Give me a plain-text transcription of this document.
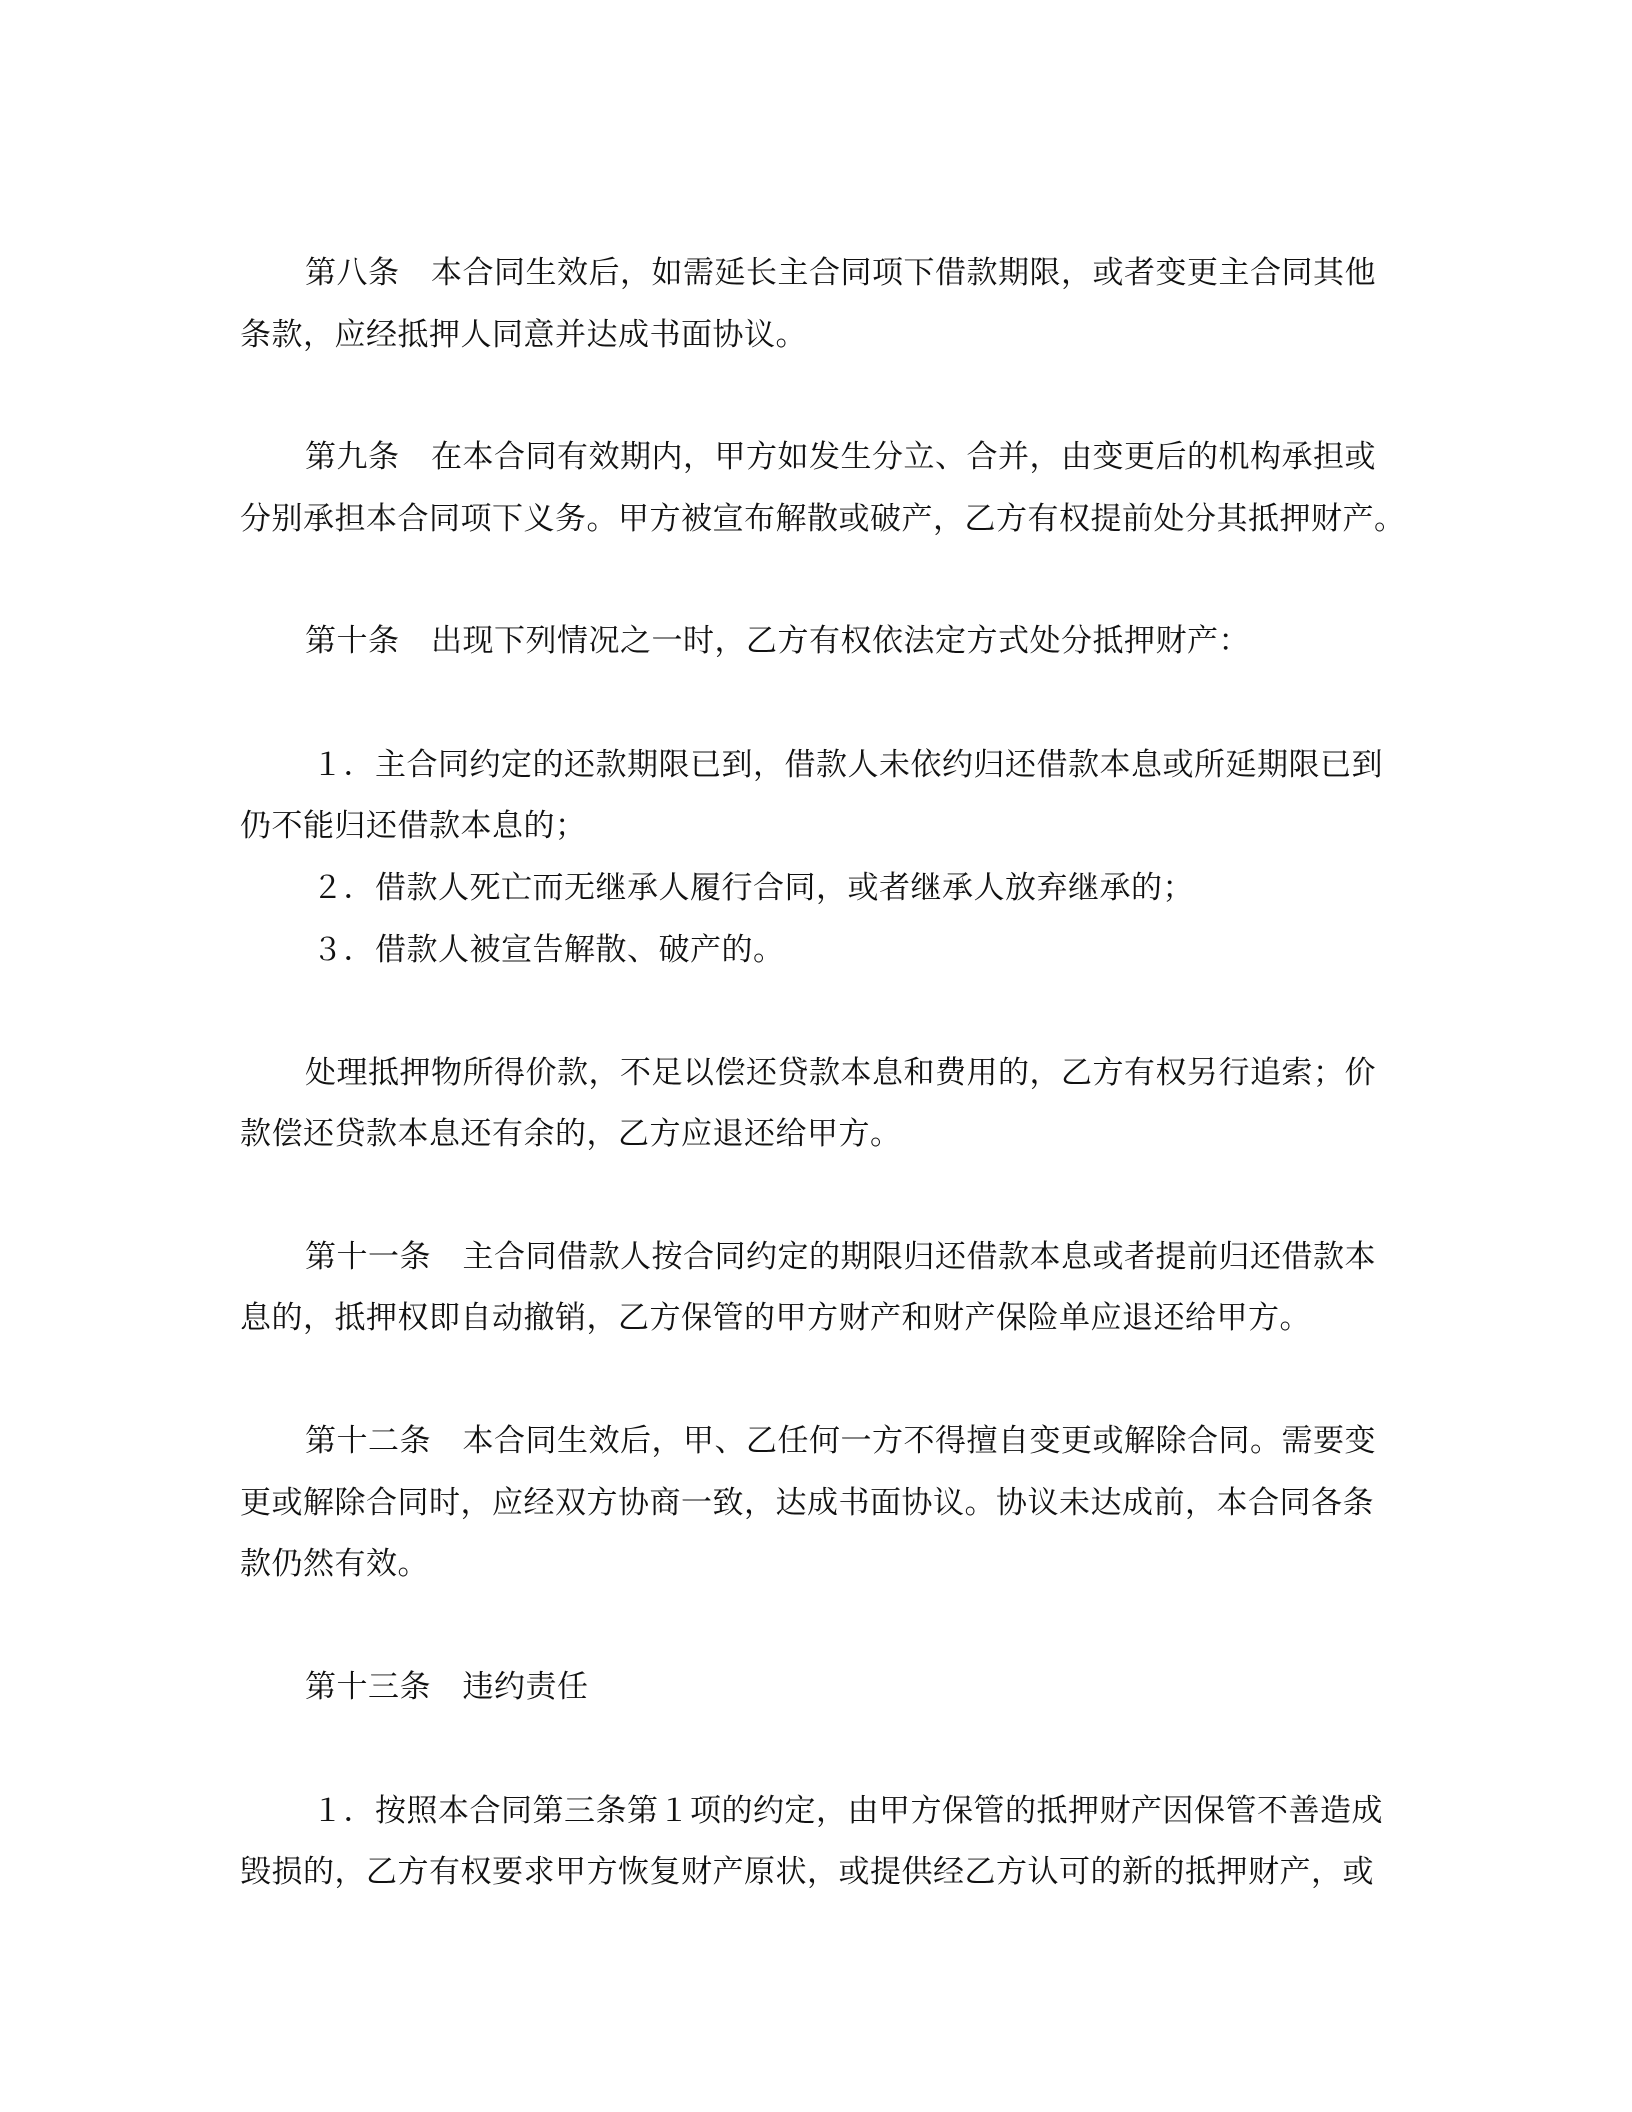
第八条　本合同生效后，如需延长主合同项下借款期限，或者变更主合同其他
条款，应经抵押人同意并达成书面协议。
第九条　在本合同有效期内，甲方如发生分立、合并，由变更后的机构承担或
分别承担本合同项下义务。甲方被宣布解散或破产，乙方有权提前处分其抵押财产。
第十条　出现下列情况之一时，乙方有权依法定方式处分抵押财产：
１．主合同约定的还款期限已到，借款人未依约归还借款本息或所延期限已到
仍不能归还借款本息的；
２．借款人死亡而无继承人履行合同，或者继承人放弃继承的；
３．借款人被宣告解散、破产的。
处理抵押物所得价款，不足以偿还贷款本息和费用的，乙方有权另行追索；价
款偿还贷款本息还有余的，乙方应退还给甲方。
第十一条　主合同借款人按合同约定的期限归还借款本息或者提前归还借款本
息的，抵押权即自动撤销，乙方保管的甲方财产和财产保险单应退还给甲方。
第十二条　本合同生效后，甲、乙任何一方不得擅自变更或解除合同。需要变
更或解除合同时，应经双方协商一致，达成书面协议。协议未达成前，本合同各条
款仍然有效。
第十三条　违约责任
１．按照本合同第三条第１项的约定，由甲方保管的抵押财产因保管不善造成
毁损的，乙方有权要求甲方恢复财产原状，或提供经乙方认可的新的抵押财产，或
